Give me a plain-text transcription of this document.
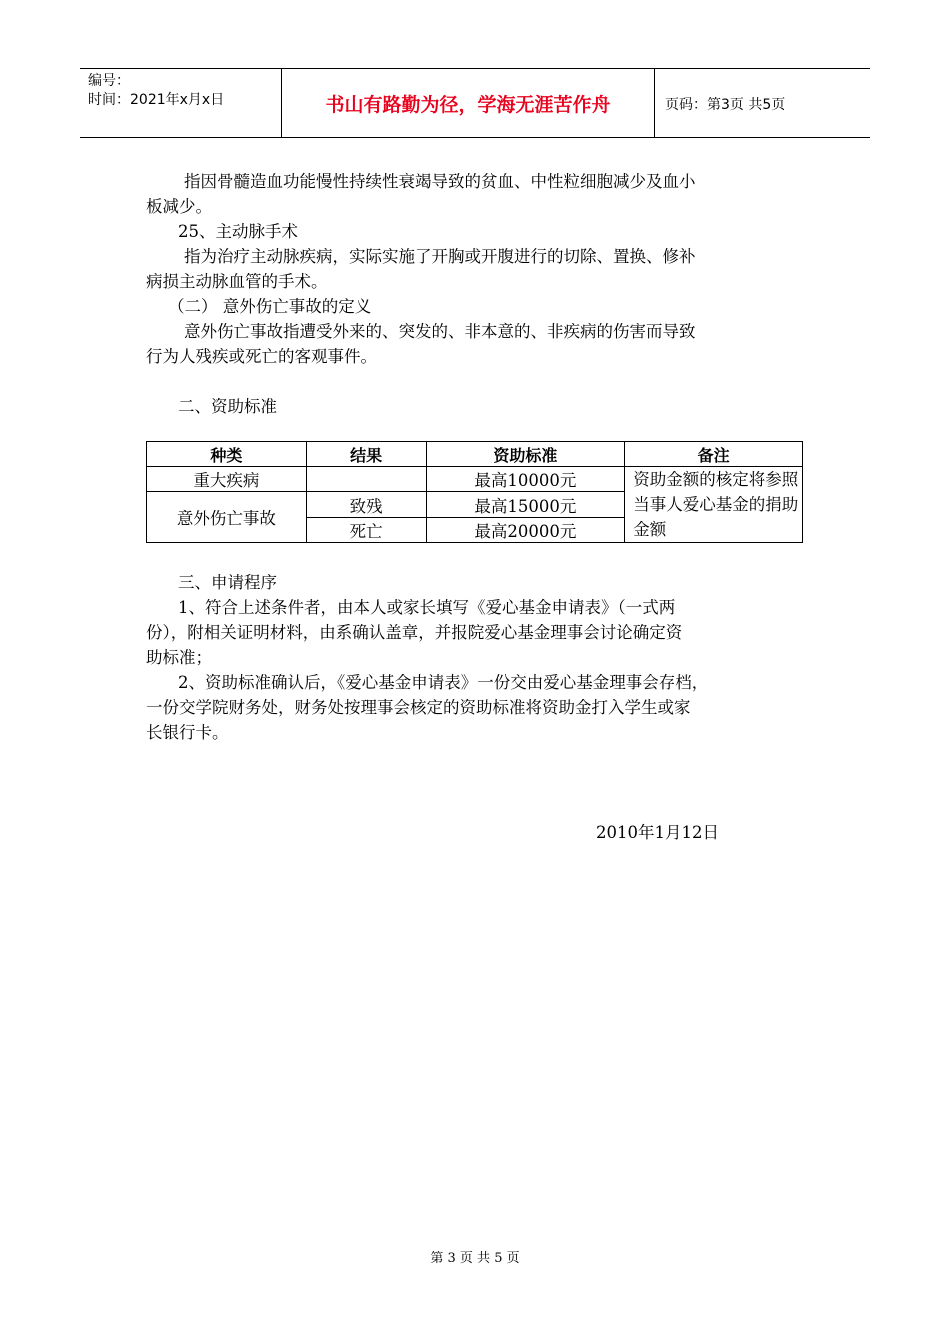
编号：
时间：2021年x月x日	书山有路勤为径，学海无涯苦作舟	页码：第3页 共5页
指因骨髓造血功能慢性持续性衰竭导致的贫血、中性粒细胞减少及血小
板减少。
25、主动脉手术
指为治疗主动脉疾病，实际实施了开胸或开腹进行的切除、置换、修补
病损主动脉血管的手术。
（二） 意外伤亡事故的定义
意外伤亡事故指遭受外来的、突发的、非本意的、非疾病的伤害而导致
行为人残疾或死亡的客观事件。
二、资助标准
种类	结果	资助标准	备注
重大疾病		最高10000元	资助金额的核定将参照当事人爱心基金的捐助金额
意外伤亡事故	致残	最高15000元	
	死亡	最高20000元	
三、申请程序
1、符合上述条件者，由本人或家长填写《爱心基金申请表》（一式两
份），附相关证明材料，由系确认盖章，并报院爱心基金理事会讨论确定资
助标准；
2、资助标准确认后，《爱心基金申请表》一份交由爱心基金理事会存档，
一份交学院财务处，财务处按理事会核定的资助标准将资助金打入学生或家
长银行卡。
2010年1月12日
第 3 页 共 5 页
